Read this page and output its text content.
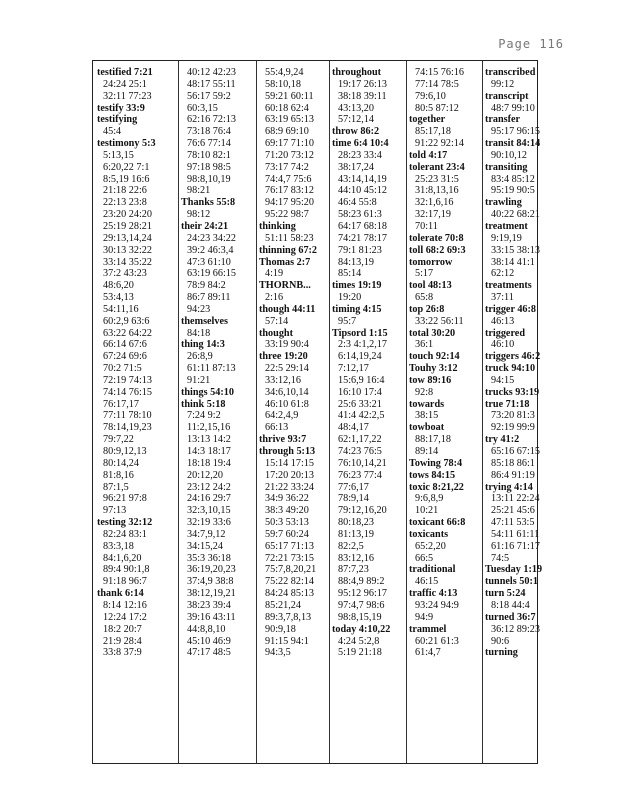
Page 116
testified 7:21
24:24 25:1
32:11 77:23
testify 33:9
testifying
45:4
testimony 5:3
5:13,15
6:20,22 7:1
8:5,19 16:6
21:18 22:6
22:13 23:8
23:20 24:20
25:19 28:21
29:13,14,24
30:13 32:22
33:14 35:22
37:2 43:23
48:6,20
53:4,13
54:11,16
60:2,9 63:6
63:22 64:22
66:14 67:6
67:24 69:6
70:2 71:5
72:19 74:13
74:14 76:15
76:17,17
77:11 78:10
78:14,19,23
79:7,22
80:9,12,13
80:14,24
81:8,16
87:1,5
96:21 97:8
97:13
testing 32:12
82:24 83:1
83:3,18
84:1,6,20
89:4 90:1,8
91:18 96:7
thank 6:14
8:14 12:16
12:24 17:2
18:2 20:7
21:9 28:4
33:8 37:9
40:12 42:23
48:17 55:11
56:17 59:2
60:3,15
62:16 72:13
73:18 76:4
76:6 77:14
78:10 82:1
97:18 98:5
98:8,10,19
98:21
Thanks 55:8
98:12
their 24:21
24:23 34:22
39:2 46:3,4
47:3 61:10
63:19 66:15
78:9 84:2
86:7 89:11
94:23
themselves
84:18
thing 14:3
26:8,9
61:11 87:13
91:21
things 54:10
think 5:18
7:24 9:2
11:2,15,16
13:13 14:2
14:3 18:17
18:18 19:4
20:12,20
23:12 24:2
24:16 29:7
32:3,10,15
32:19 33:6
34:7,9,12
34:15,24
35:3 36:18
36:19,20,23
37:4,9 38:8
38:12,19,21
38:23 39:4
39:16 43:11
44:8,8,10
45:10 46:9
47:17 48:5
55:4,9,24
58:10,18
59:21 60:11
60:18 62:4
63:19 65:13
68:9 69:10
69:17 71:10
71:20 73:12
73:17 74:2
74:4,7 75:6
76:17 83:12
94:17 95:20
95:22 98:7
thinking
51:11 58:23
thinning 67:2
Thomas 2:7
4:19
THORNB...
2:16
though 44:11
57:14
thought
33:19 90:4
three 19:20
22:5 29:14
33:12,16
34:6,10,14
46:10 61:8
64:2,4,9
66:13
thrive 93:7
through 5:13
15:14 17:15
17:20 20:13
21:22 33:24
34:9 36:22
38:3 49:20
50:3 53:13
59:7 60:24
65:17 71:13
72:21 73:15
75:7,8,20,21
75:22 82:14
84:24 85:13
85:21,24
89:3,7,8,13
90:9,18
91:15 94:1
94:3,5
throughout
19:17 26:13
38:18 39:11
43:13,20
57:12,14
throw 86:2
time 6:4 10:4
28:23 33:4
38:17,24
43:14,14,19
44:10 45:12
46:4 55:8
58:23 61:3
64:17 68:18
74:21 78:17
79:1 81:23
84:13,19
85:14
times 19:19
19:20
timing 4:15
95:7
Tipsord 1:15
2:3 4:1,2,17
6:14,19,24
7:12,17
15:6,9 16:4
16:10 17:4
25:6 33:21
41:4 42:2,5
48:4,17
62:1,17,22
74:23 76:5
76:10,14,21
76:23 77:4
77:6,17
78:9,14
79:12,16,20
80:18,23
81:13,19
82:2,5
83:12,16
87:7,23
88:4,9 89:2
95:12 96:17
97:4,7 98:6
98:8,15,19
today 4:10,22
4:24 5:2,8
5:19 21:18
74:15 76:16
77:14 78:5
79:6,10
80:5 87:12
together
85:17,18
91:22 92:14
told 4:17
tolerant 23:4
25:23 31:5
31:8,13,16
32:1,6,16
32:17,19
70:11
tolerate 70:8
toll 68:2 69:3
tomorrow
5:17
tool 48:13
65:8
top 26:8
33:22 56:11
total 30:20
36:1
touch 92:14
Touhy 3:12
tow 89:16
92:8
towards
38:15
towboat
88:17,18
89:14
Towing 78:4
tows 84:15
toxic 8:21,22
9:6,8,9
10:21
toxicant 66:8
toxicants
65:2,20
66:5
traditional
46:15
traffic 4:13
93:24 94:9
94:9
trammel
60:21 61:3
61:4,7
transcribed
99:12
transcript
48:7 99:10
transfer
95:17 96:15
transit 84:14
90:10,12
transiting
83:4 85:12
95:19 90:5
trawling
40:22 68:21
treatment
9:19,19
33:15 38:13
38:14 41:1
62:12
treatments
37:11
trigger 46:8
46:13
triggered
46:10
triggers 46:2
truck 94:10
94:15
trucks 93:19
true 71:18
73:20 81:3
92:19 99:9
try 41:2
65:16 67:15
85:18 86:1
86:4 91:19
trying 4:14
13:11 22:24
25:21 45:6
47:11 53:5
54:11 61:11
61:16 71:17
74:5
Tuesday 1:19
tunnels 50:1
turn 5:24
8:18 44:4
turned 36:7
36:12 89:23
90:6
turning
